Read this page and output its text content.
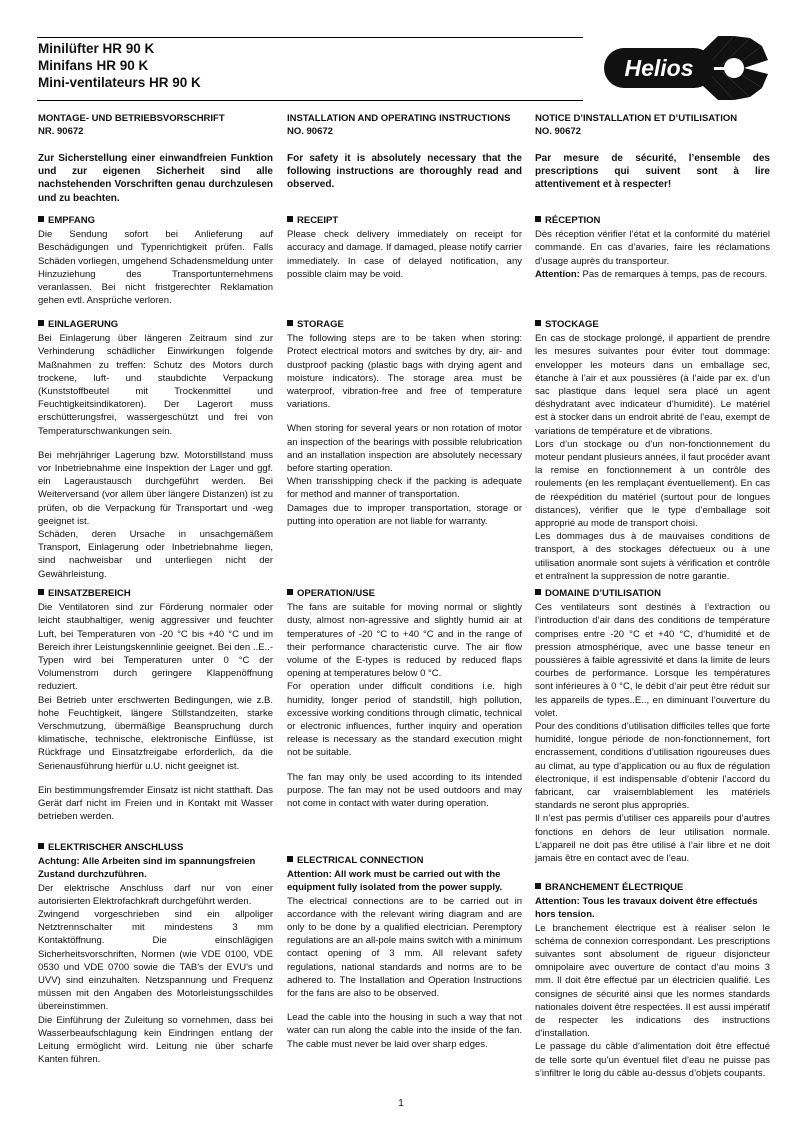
Minilüfter HR 90 K
Minifans HR 90 K
Mini-ventilateurs HR 90 K
Helios
MONTAGE- UND BETRIEBSVORSCHRIFT
NR. 90672

Zur Sicherstellung einer einwandfreien Funktion und zur eigenen Sicherheit sind alle nachstehenden Vorschriften genau durchzulesen und zu beachten.

EMPFANG

Die Sendung sofort bei Anlieferung auf Beschädigungen und Typenrichtigkeit prüfen. Falls Schäden vorliegen, umgehend Schadensmeldung unter Hinzuziehung des Transportunternehmens veranlassen. Bei nicht fristgerechter Reklamation gehen evtl. Ansprüche verloren.

EINLAGERUNG

Bei Einlagerung über längeren Zeitraum sind zur Verhinderung schädlicher Einwirkungen folgende Maßnahmen zu treffen: Schutz des Motors durch trockene, luft- und staubdichte Verpackung (Kunststoffbeutel mit Trockenmittel und Feuchtigkeitsindikatoren). Der Lagerort muss erschütterungsfrei, wassergeschützt und frei von Temperaturschwankungen sein.

Bei mehrjähriger Lagerung bzw. Motorstillstand muss vor Inbetriebnahme eine Inspektion der Lager und ggf. ein Lageraustausch durchgeführt werden. Bei Weiterversand (vor allem über längere Distanzen) ist zu prüfen, ob die Verpackung für Transportart und -weg geeignet ist.

Schäden, deren Ursache in unsachgemäßem Transport, Einlagerung oder Inbetriebnahme liegen, sind nachweisbar und unterliegen nicht der Gewährleistung.

EINSATZBEREICH

Die Ventilatoren sind zur Förderung normaler oder leicht staubhaltiger, wenig aggressiver und feuchter Luft, bei Temperaturen von -20 °C bis +40 °C und im Bereich ihrer Leistungskennlinie geeignet. Bei den ..E..-Typen wird bei Temperaturen unter 0 °C der Volumenstrom durch geringere Klappenöffnung reduziert.

Bei Betrieb unter erschwerten Bedingungen, wie z.B. hohe Feuchtigkeit, längere Stillstandzeiten, starke Verschmutzung, übermäßige Beanspruchung durch klimatische, technische, elektronische Einflüsse, ist Rückfrage und Einsatzfreigabe erforderlich, da die Serienausführung hierfür u.U. nicht geeignet ist.

Ein bestimmungsfremder Einsatz ist nicht statthaft. Das Gerät darf nicht im Freien und in Kontakt mit Wasser betrieben werden.

ELEKTRISCHER ANSCHLUSS

Achtung: Alle Arbeiten sind im spannungsfreien Zustand durchzuführen.

Der elektrische Anschluss darf nur von einer autorisierten Elektrofachkraft durchgeführt werden.

Zwingend vorgeschrieben sind ein allpoliger Netztrennschalter mit mindestens 3 mm Kontaktöffnung. Die einschlägigen Sicherheitsvorschriften, Normen (wie VDE 0100, VDE 0530 und VDE 0700 sowie die TAB's der EVU's und UVV) sind einzuhalten. Netzspannung und Frequenz müssen mit den Angaben des Motorleistungsschildes übereinstimmen.

Die Einführung der Zuleitung so vornehmen, dass bei Wasserbeaufschlagung kein Eindringen entlang der Leitung ermöglicht wird. Leitung nie über scharfe Kanten führen.

INSTALLATION AND OPERATING INSTRUCTIONS
NO. 90672

For safety it is absolutely necessary that the following instructions are thoroughly read and observed.

RECEIPT

Please check delivery immediately on receipt for accuracy and damage. If damaged, please notify carrier immediately. In case of delayed notification, any possible claim may be void.

STORAGE

The following steps are to be taken when storing: Protect electrical motors and switches by dry, air- and dustproof packing (plastic bags with drying agent and moisture indicators). The storage area must be waterproof, vibration-free and free of temperature variations.

When storing for several years or non rotation of motor an inspection of the bearings with possible relubrication and an installation inspection are absolutely necessary before starting operation.

When transshipping check if the packing is adequate for method and manner of transportation.

Damages due to improper transportation, storage or putting into operation are not liable for warranty.

OPERATION/USE

The fans are suitable for moving normal or slightly dusty, almost non-agressive and slightly humid air at temperatures of -20 °C to +40 °C and in the range of their performance characteristic curve. The air flow volume of the E-types is reduced by reduced flaps opening at temperatures below 0 °C.

For operation under difficult conditions i.e. high humidity, longer period of standstill, high pollution, excessive working conditions through climatic, technical or electronic influences, further inquiry and operation release is necessary as the standard execution might not be suitable.

The fan may only be used according to its intended purpose. The fan may not be used outdoors and may not come in contact with water during operation.

ELECTRICAL CONNECTION

Attention: All work must be carried out with the equipment fully isolated from the power supply.

The electrical connections are to be carried out in accordance with the relevant wiring diagram and are only to be done by a qualified electrician. Peremptory regulations are an all-pole mains switch with a minimum contact opening of 3 mm. All relevant safety regulations, national standards and norms are to be adhered to. The Installation and Operation Instructions for the fans are also to be observed.

Lead the cable into the housing in such a way that not water can run along the cable into the inside of the fan. The cable must never be laid over sharp edges.

NOTICE D’INSTALLATION ET D’UTILISATION
NO. 90672

Par mesure de sécurité, l’ensemble des prescriptions qui suivent sont à lire attentivement et à respecter!

RÉCEPTION

Dès réception vérifier l’état et la conformité du matériel commandé. En cas d’avaries, faire les réclamations d’usage auprès du transporteur.

Attention: Pas de remarques à temps, pas de recours.

STOCKAGE

En cas de stockage prolongé, il appartient de prendre les mesures suivantes pour éviter tout dommage: envelopper les moteurs dans un emballage sec, étanche à l’air et aux poussières (à l’aide par ex. d’un sac plastique dans lequel sera placé un agent déshydratant avec indicateur d’humidité). Le matériel est à stocker dans un endroit abrité de l’eau, exempt de variations de température et de vibrations.

Lors d’un stockage ou d’un non-fonctionnement du moteur pendant plusieurs années, il faut procéder avant la remise en fonctionnement à un contrôle des roulements (en les remplaçant éventuellement). En cas de réexpédition du matériel (surtout pour de longues distances), vérifier que le type d’emballage soit approprié au mode de transport choisi.

Les dommages dus à de mauvaises conditions de transport, à des stockages défectueux ou à une utilisation anormale sont sujets à vérification et contrôle et entraînent la suppression de notre garantie.

DOMAINE D’UTILISATION

Ces ventilateurs sont destinés à l’extraction ou l’introduction d’air dans des conditions de température comprises entre -20 °C et +40 °C, d’humidité et de pression atmosphérique, avec une basse teneur en poussières à faible agressivité et dans la limite de leurs courbes de performance. Lorsque les températures sont inférieures à 0 °C, le débit d’air peut être réduit sur les appareils de types..E.., en diminuant l’ouverture du volet.

Pour des conditions d’utilisation difficiles telles que forte humidité, longue période de non-fonctionnement, fort encrassement, conditions d’utilisation rigoureuses dues au climat, au type d’application ou au flux de régulation électronique, il est indispensable d’obtenir l’accord du fabricant, car vraisemblablement les matériels standards ne seront plus appropriés.

Il n’est pas permis d’utiliser ces appareils pour d’autres fonctions en dehors de leur utilisation normale. L’appareil ne doit pas être utilisé à l’air libre et ne doit jamais être en contact avec de l’eau.

BRANCHEMENT ÉLECTRIQUE

Attention: Tous les travaux doivent être effectués hors tension.

Le branchement électrique est à réaliser selon le schéma de connexion correspondant. Les prescriptions suivantes sont absolument de rigueur disjoncteur omnipolaire avec ouverture de contact d’au moins 3 mm. Il doit être effectué par un électricien qualifié. Les consignes de sécurité ainsi que les normes standards nationales doivent être respectées. Il est aussi impératif de respecter les indications des instructions d’installation.

Le passage du câble d’alimentation doit être effectué de telle sorte qu’un éventuel filet d’eau ne puisse pas s’infiltrer le long du câble au-dessus d’objets coupants.

1
